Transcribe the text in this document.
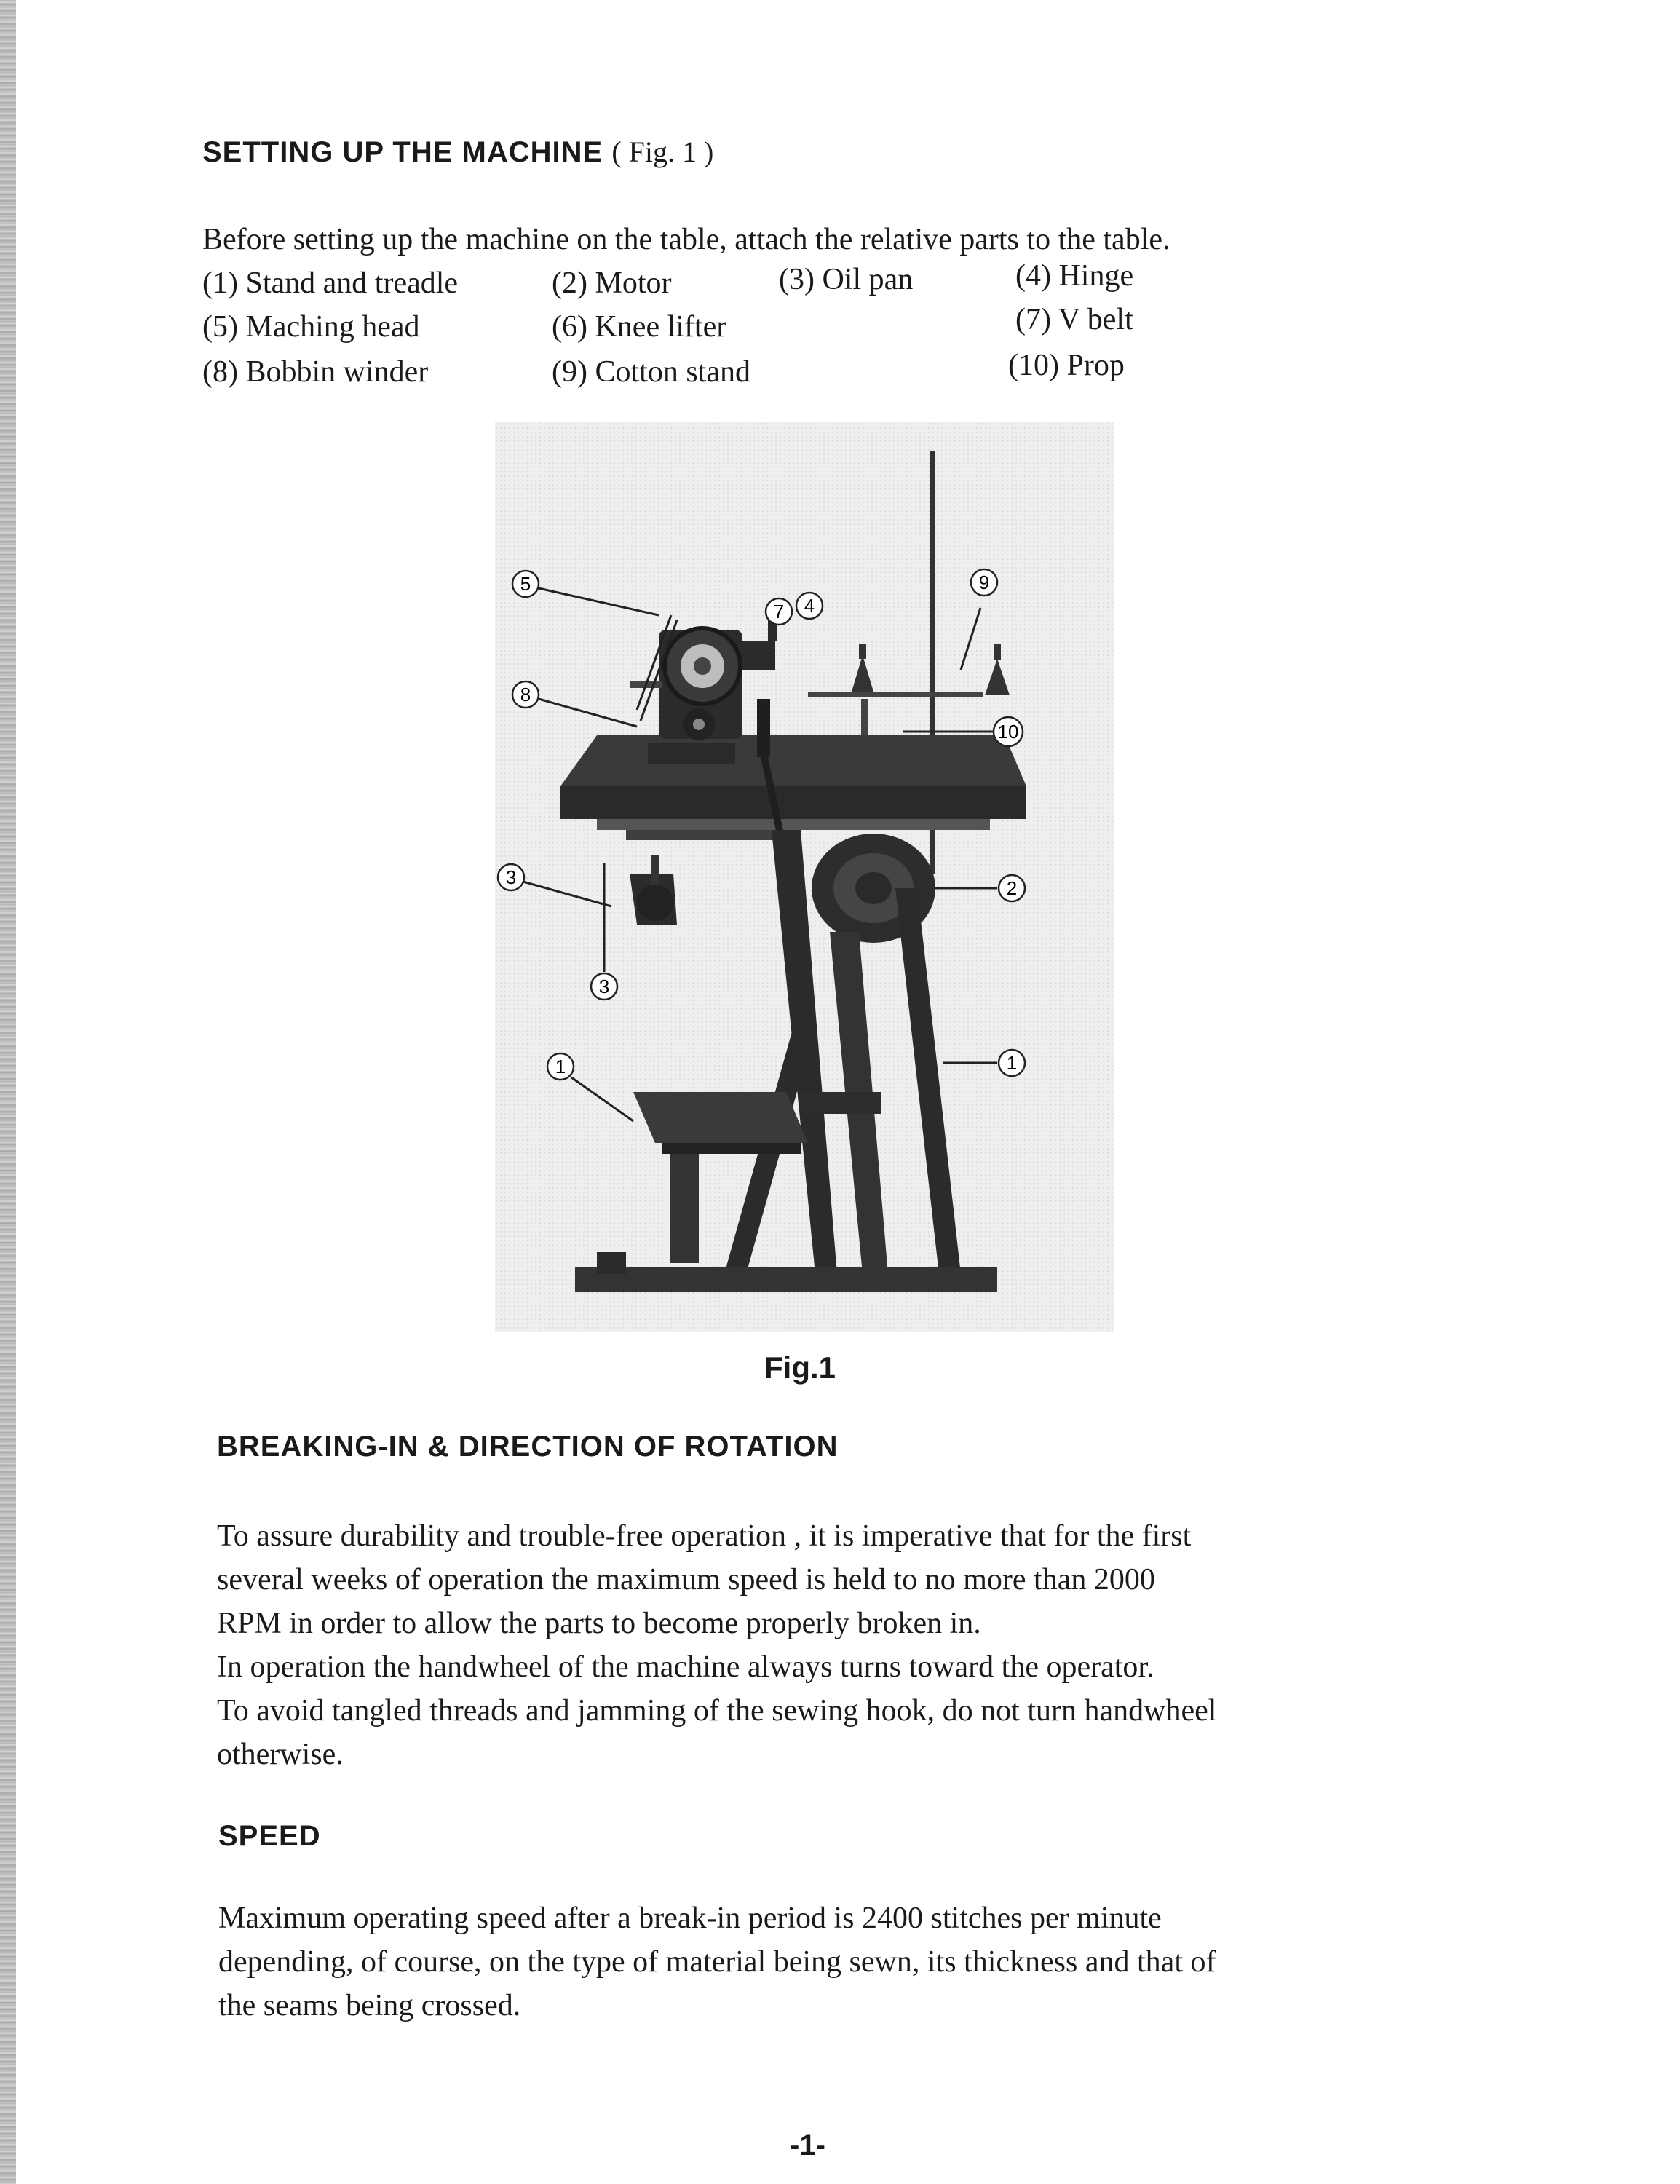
SETTING UP THE MACHINE ( Fig. 1 )

Before setting up the machine on the table, attach the relative parts to the table.

(1) Stand and treadle	(2) Motor	(3) Oil pan	(4) Hinge
(5) Maching head	(6) Knee lifter	(7) V belt
(8) Bobbin winder	(9) Cotton stand	(10) Prop
5
7 4
9
8
10
3	2
3
1	1

Fig.1

BREAKING-IN & DIRECTION OF ROTATION

To assure durability and trouble-free operation , it is imperative that for the first

several weeks of operation the maximum speed is held to no more than 2000

RPM in order to allow the parts to become properly broken in.

In operation the handwheel of the machine always turns toward the operator.

To avoid tangled threads and jamming of the sewing hook, do not turn handwheel

otherwise.

SPEED

Maximum operating speed after a break-in period is 2400 stitches per minute

depending, of course, on the type of material being sewn, its thickness and that of

the seams being crossed.

-1-
